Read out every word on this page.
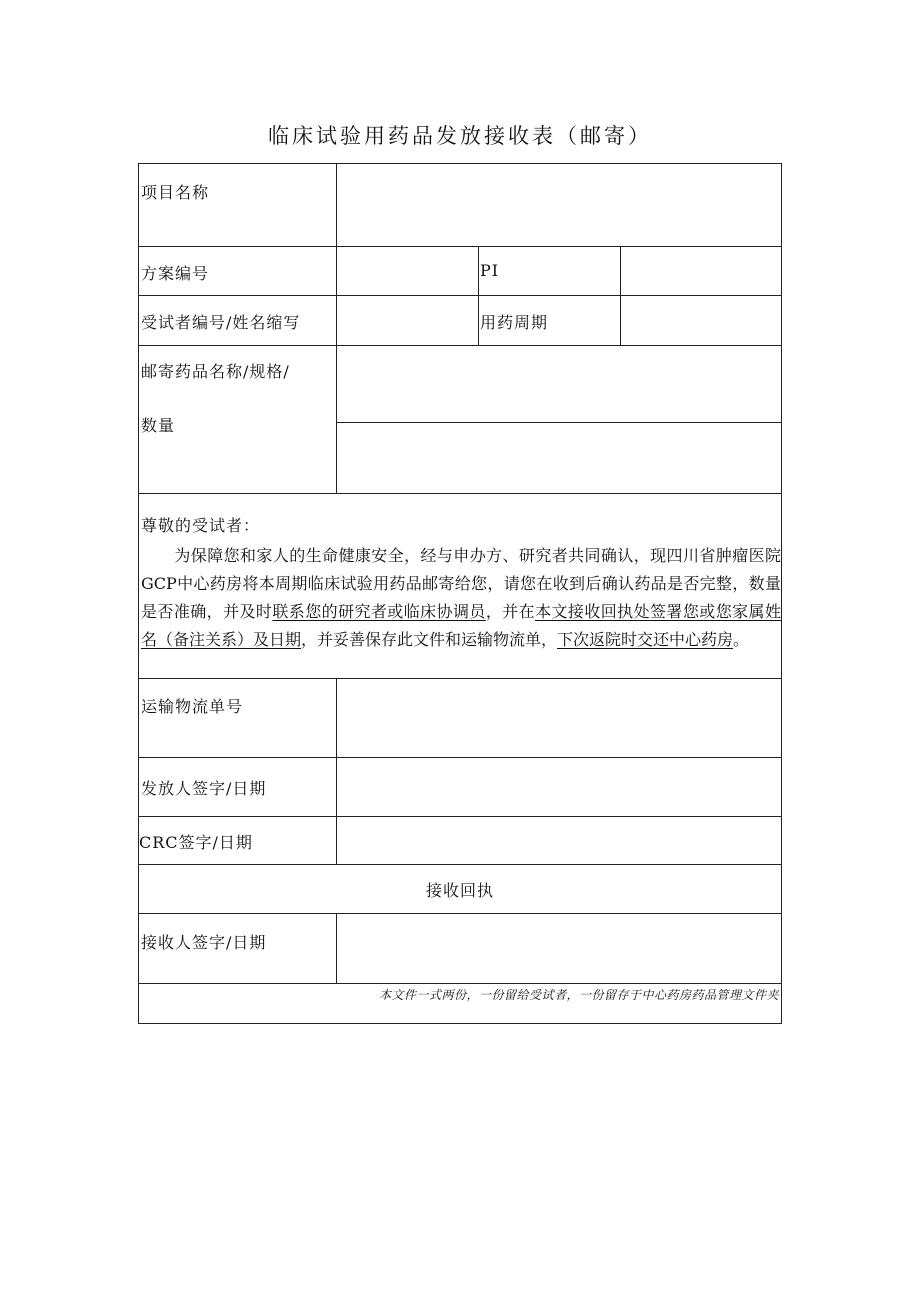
临床试验用药品发放接收表（邮寄）
项目名称
方案编号	PI
受试者编号/姓名缩写	用药周期
邮寄药品名称/规格/
数量
尊敬的受试者：
为保障您和家人的生命健康安全，经与申办方、研究者共同确认，现四川省肿瘤医院GCP中心药房将本周期临床试验用药品邮寄给您，请您在收到后确认药品是否完整，数量是否准确，并及时联系您的研究者或临床协调员，并在本文接收回执处签署您或您家属姓名（备注关系）及日期，并妥善保存此文件和运输物流单，下次返院时交还中心药房。
运输物流单号
发放人签字/日期
CRC签字/日期
接收回执
接收人签字/日期
本文件一式两份，一份留给受试者，一份留存于中心药房药品管理文件夹
